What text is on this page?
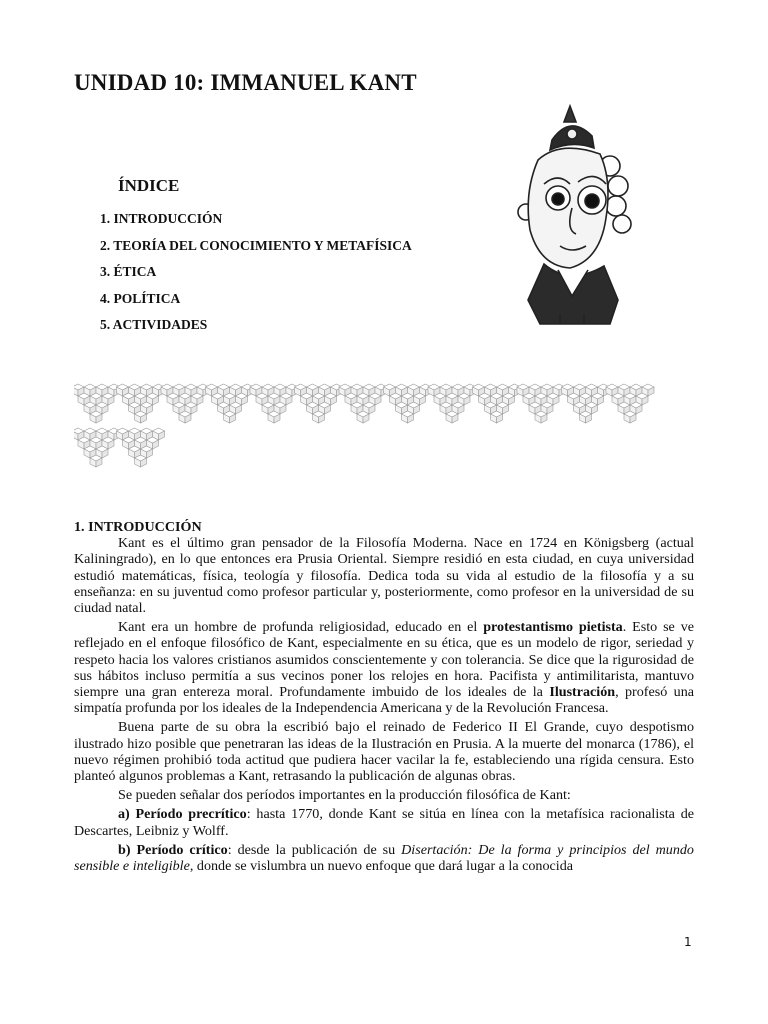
UNIDAD 10: IMMANUEL KANT
ÍNDICE
1. INTRODUCCIÓN
2. TEORÍA DEL CONOCIMIENTO Y METAFÍSICA
3. ÉTICA
4. POLÍTICA
5. ACTIVIDADES
1. INTRODUCCIÓN

Kant es el último gran pensador de la Filosofía Moderna. Nace en 1724 en Königsberg (actual Kaliningrado), en lo que entonces era Prusia Oriental. Siempre residió en esta ciudad, en cuya universidad estudió matemáticas, física, teología y filosofía. Dedica toda su vida al estudio de la filosofía y a su enseñanza: en su juventud como profesor particular y, posteriormente, como profesor en la universidad de su ciudad natal.

Kant era un hombre de profunda religiosidad, educado en el protestantismo pietista. Esto se ve reflejado en el enfoque filosófico de Kant, especialmente en su ética, que es un modelo de rigor, seriedad y respeto hacia los valores cristianos asumidos conscientemente y con tolerancia. Se dice que la rigurosidad de sus hábitos incluso permitía a sus vecinos poner los relojes en hora. Pacifista y antimilitarista, mantuvo siempre una gran entereza moral. Profundamente imbuido de los ideales de la Ilustración, profesó una simpatía profunda por los ideales de la Independencia Americana y de la Revolución Francesa.

Buena parte de su obra la escribió bajo el reinado de Federico II El Grande, cuyo despotismo ilustrado hizo posible que penetraran las ideas de la Ilustración en Prusia. A la muerte del monarca (1786), el nuevo régimen prohibió toda actitud que pudiera hacer vacilar la fe, estableciendo una rígida censura. Esto planteó algunos problemas a Kant, retrasando la publicación de algunas obras.

Se pueden señalar dos períodos importantes en la producción filosófica de Kant:

a) Período precrítico: hasta 1770, donde Kant se sitúa en línea con la metafísica racionalista de Descartes, Leibniz y Wolff.

b) Período crítico: desde la publicación de su Disertación: De la forma y principios del mundo sensible e inteligible, donde se vislumbra un nuevo enfoque que dará lugar a la conocida

1
